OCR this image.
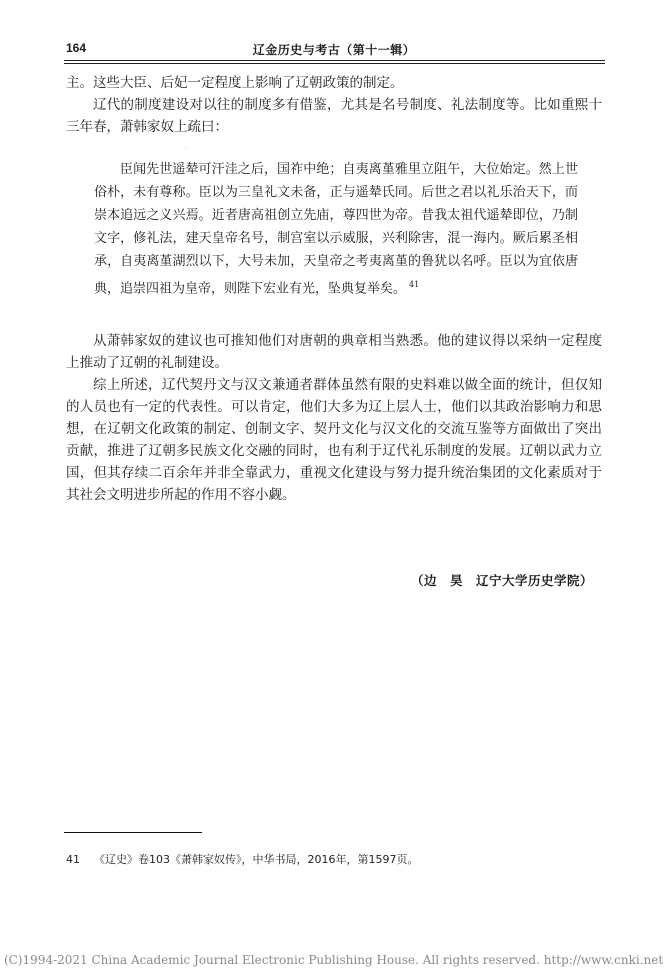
164	辽金历史与考古（第十一辑）

主。这些大臣、后妃一定程度上影响了辽朝政策的制定。

辽代的制度建设对以往的制度多有借鉴，尤其是名号制度、礼法制度等。比如重熙十三年春，萧韩家奴上疏曰：

·

臣闻先世遥辇可汗洼之后，国祚中绝；自夷离堇雅里立阻午，大位始定。然上世俗朴，未有尊称。臣以为三皇礼文未备，正与遥辇氏同。后世之君以礼乐治天下，而崇本追远之义兴焉。近者唐高祖创立先庙，尊四世为帝。昔我太祖代遥辇即位，乃制文字，修礼法，建天皇帝名号，制宫室以示威服，兴利除害，混一海内。厥后累圣相承，自夷离堇湖烈以下，大号未加，天皇帝之考夷离堇的鲁犹以名呼。臣以为宜依唐典，追崇四祖为皇帝，则陛下宏业有光，坠典复举矣。 $^{41}$

从萧韩家奴的建议也可推知他们对唐朝的典章相当熟悉。他的建议得以采纳一定程度上推动了辽朝的礼制建设。

综上所述，辽代契丹文与汉文兼通者群体虽然有限的史料难以做全面的统计，但仅知的人员也有一定的代表性。可以肯定，他们大多为辽上层人士，他们以其政治影响力和思想，在辽朝文化政策的制定、创制文字、契丹文化与汉文化的交流互鉴等方面做出了突出贡献，推进了辽朝多民族文化交融的同时，也有利于辽代礼乐制度的发展。辽朝以武力立国，但其存续二百余年并非全靠武力，重视文化建设与努力提升统治集团的文化素质对于其社会文明进步所起的作用不容小觑。

（边　昊　辽宁大学历史学院）
41 《辽史》卷103《萧韩家奴传》，中华书局，2016年，第1597页。
(C)1994-2021 China Academic Journal Electronic Publishing House. All rights reserved. http://www.cnki.net
